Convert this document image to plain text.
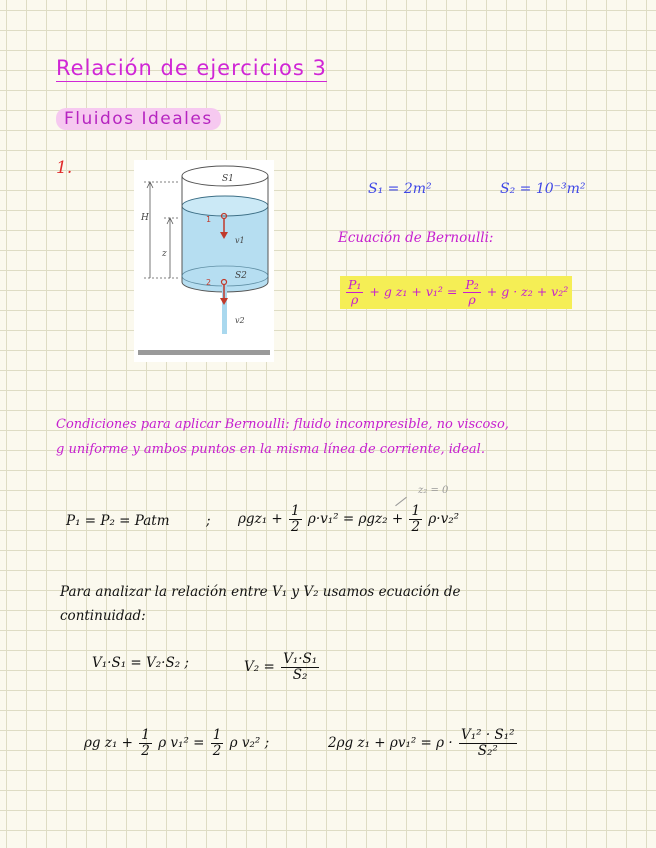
Relación de ejercicios 3
Fluidos Ideales
1.
S1
S2
H
z
v1
v2
1
2
S₁ = 2m²	S₂ = 10⁻³m²
Ecuación de Bernoulli:
$\frac{\text{P₁}}{\rho} + g$ $z_1 + v_1^2 = \frac{\text{P₂}}{\rho} + g \cdot z_2 + v_2^2$
Condiciones para aplicar Bernoulli: fluido incompresible, no viscoso,
g uniforme y ambos puntos en la misma línea de corriente, ideal.
P₁ = P₂ = Patm	; $\rho gz_1 + \frac{1}{2} \rho\cdot v_1^2 = \rho gz_2 + \frac{1}{2} \rho\cdot v_2^2$
z₂ = 0
Para analizar la relación entre V₁ y V₂ usamos ecuación de
continuidad:
V₁·S₁ = V₂·S₂ ;	$V_2 = \frac{\text{V₁·S₁}}{\text{S₂}}$
ρg $z_1 + \frac{1}{2}$ ρ $v_1^2 = \frac{1}{2}$ ρ v₂² ;	2ρg $z_1 + \rho v_1^2 = \rho \cdot \frac{\text{V₁² · S₁²}}{\text{S₂²}}$
